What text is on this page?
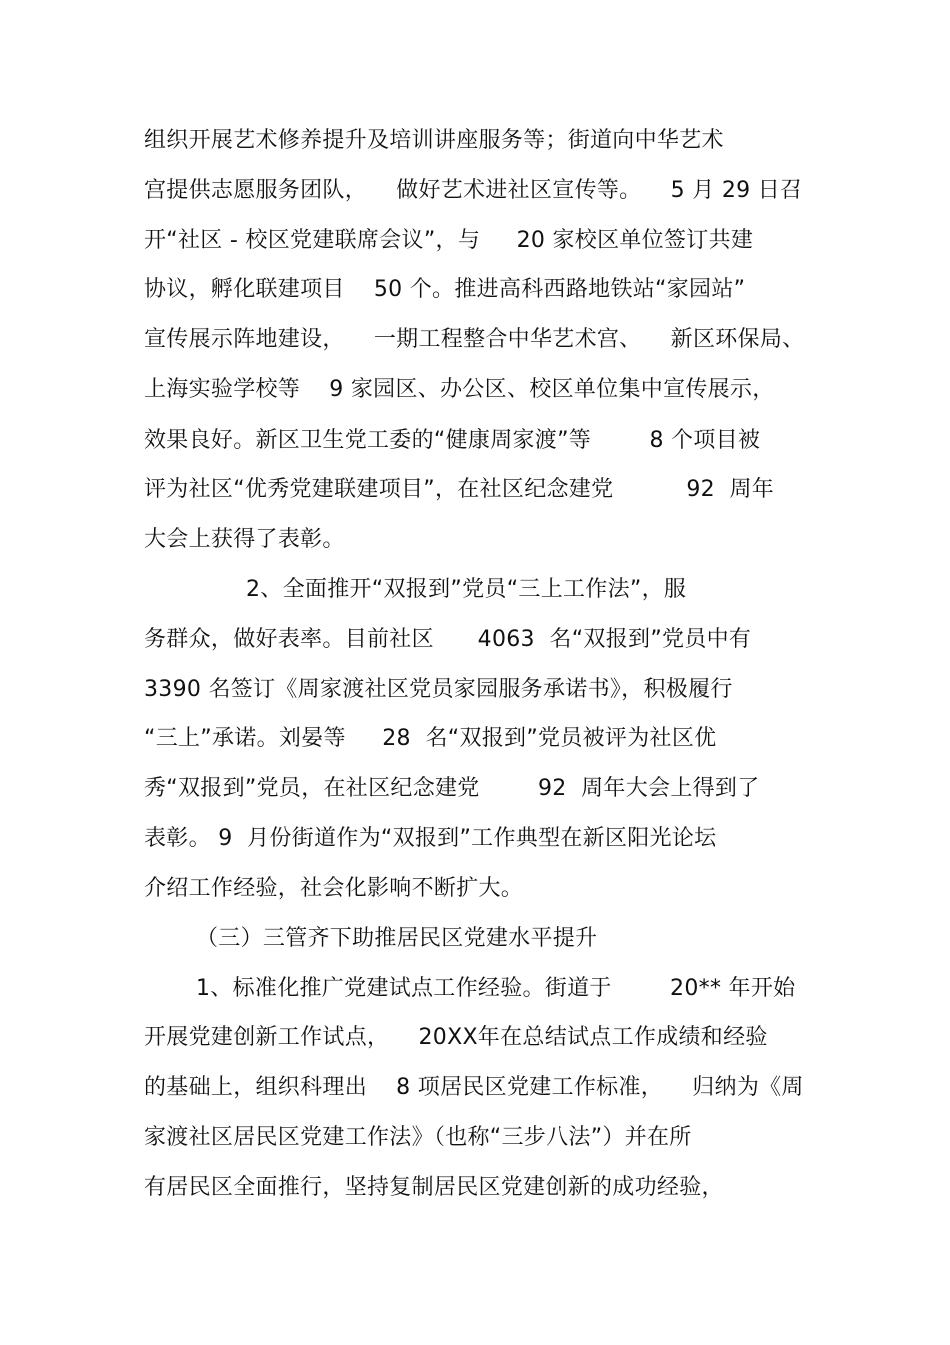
组织开展艺术修养提升及培训讲座服务等；街道向中华艺术
宫提供志愿服务团队，    做好艺术进社区宣传等。    5 月 29 日召
开“社区 - 校区党建联席会议”，与     20 家校区单位签订共建
协议，孵化联建项目    50 个。推进高科西路地铁站“家园站”
宣传展示阵地建设，    一期工程整合中华艺术宫、    新区环保局、
上海实验学校等    9 家园区、办公区、校区单位集中宣传展示，
效果良好。新区卫生党工委的“健康周家渡”等        8 个项目被
评为社区“优秀党建联建项目”，在社区纪念建党          92  周年
大会上获得了表彰。
2、全面推开“双报到”党员“三上工作法”，服
务群众，做好表率。目前社区      4063  名“双报到”党员中有
3390 名签订《周家渡社区党员家园服务承诺书》，积极履行
“三上”承诺。刘晏等     28  名“双报到”党员被评为社区优
秀“双报到”党员，在社区纪念建党        92  周年大会上得到了
表彰。 9  月份街道作为“双报到”工作典型在新区阳光论坛
介绍工作经验，社会化影响不断扩大。
（三）三管齐下助推居民区党建水平提升
1、标准化推广党建试点工作经验。街道于        20** 年开始
开展党建创新工作试点，    20XX年在总结试点工作成绩和经验
的基础上，组织科理出    8 项居民区党建工作标准，    归纳为《周
家渡社区居民区党建工作法》（也称“三步八法”）并在所
有居民区全面推行，坚持复制居民区党建创新的成功经验，
